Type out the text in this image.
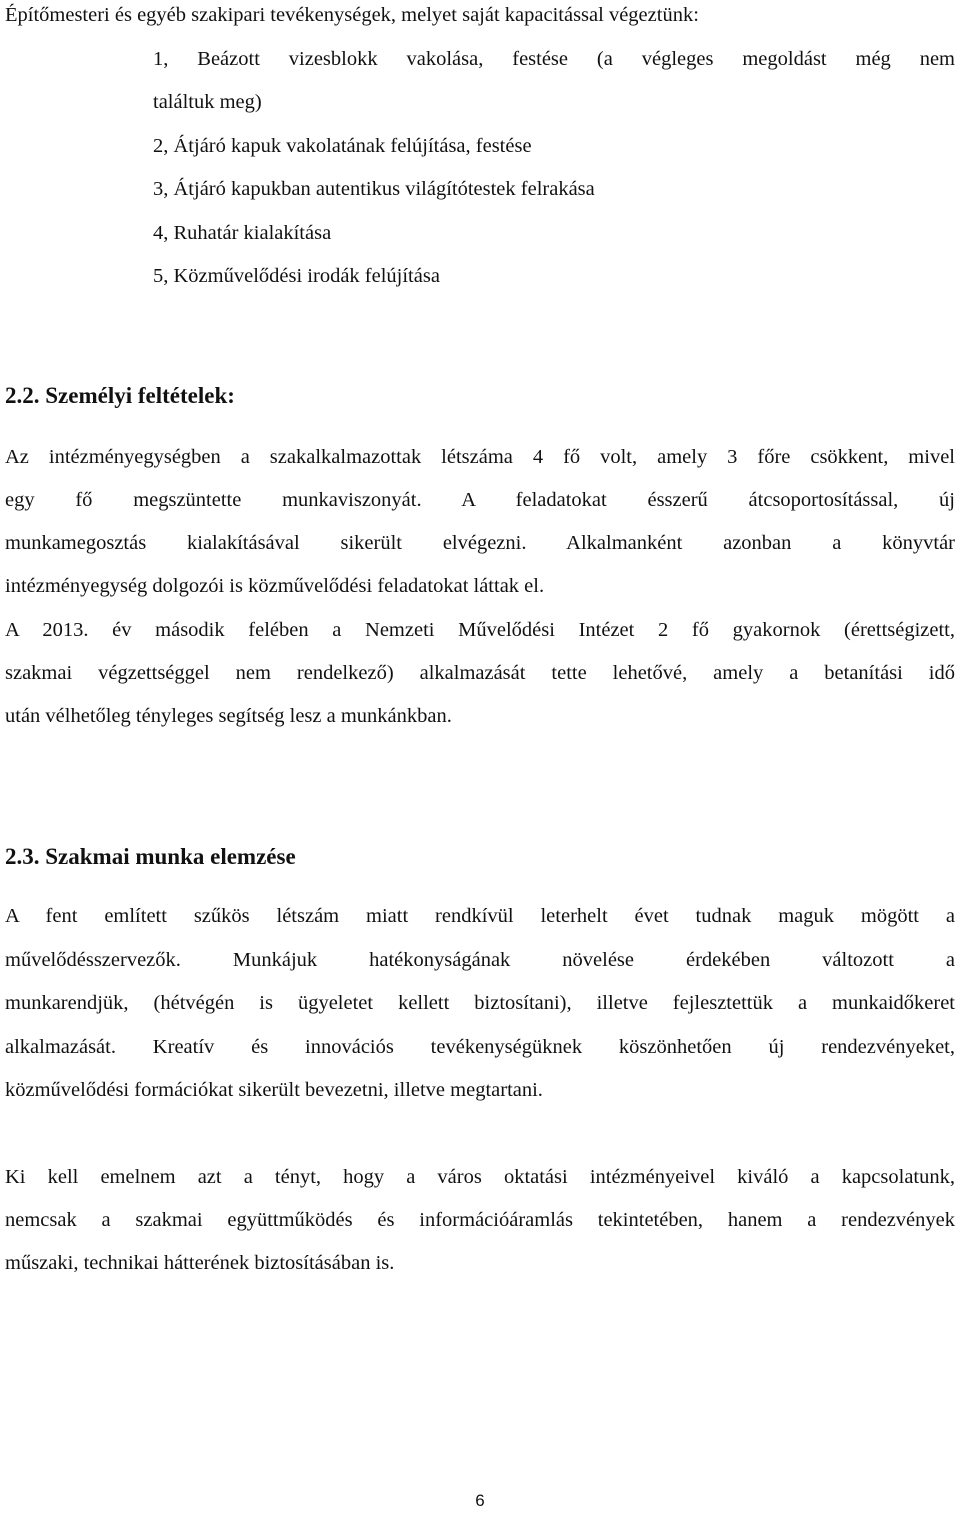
Építőmesteri és egyéb szakipari tevékenységek, melyet saját kapacitással végeztünk:

1, Beázott vizesblokk vakolása, festése (a végleges megoldást még nem

találtuk meg)

2, Átjáró kapuk vakolatának felújítása, festése

3, Átjáró kapukban autentikus világítótestek felrakása

4, Ruhatár kialakítása

5, Közművelődési irodák felújítása

2.2. Személyi feltételek:

Az intézményegységben a szakalkalmazottak létszáma 4 fő volt, amely 3 főre csökkent, mivel

egy fő megszüntette munkaviszonyát. A feladatokat ésszerű átcsoportosítással, új

munkamegosztás kialakításával sikerült elvégezni. Alkalmanként azonban a könyvtár

intézményegység dolgozói is közművelődési feladatokat láttak el.

A 2013. év második felében a Nemzeti Művelődési Intézet 2 fő gyakornok (érettségizett,

szakmai végzettséggel nem rendelkező) alkalmazását tette lehetővé, amely a betanítási idő

után vélhetőleg tényleges segítség lesz a munkánkban.

2.3. Szakmai munka elemzése

A fent említett szűkös létszám miatt rendkívül leterhelt évet tudnak maguk mögött a

művelődésszervezők. Munkájuk hatékonyságának növelése érdekében változott a

munkarendjük, (hétvégén is ügyeletet kellett biztosítani), illetve fejlesztettük a munkaidőkeret

alkalmazását. Kreatív és innovációs tevékenységüknek köszönhetően új rendezvényeket,

közművelődési formációkat sikerült bevezetni, illetve megtartani.

Ki kell emelnem azt a tényt, hogy a város oktatási intézményeivel kiváló a kapcsolatunk,

nemcsak a szakmai együttműködés és információáramlás tekintetében, hanem a rendezvények

műszaki, technikai hátterének biztosításában is.

6
